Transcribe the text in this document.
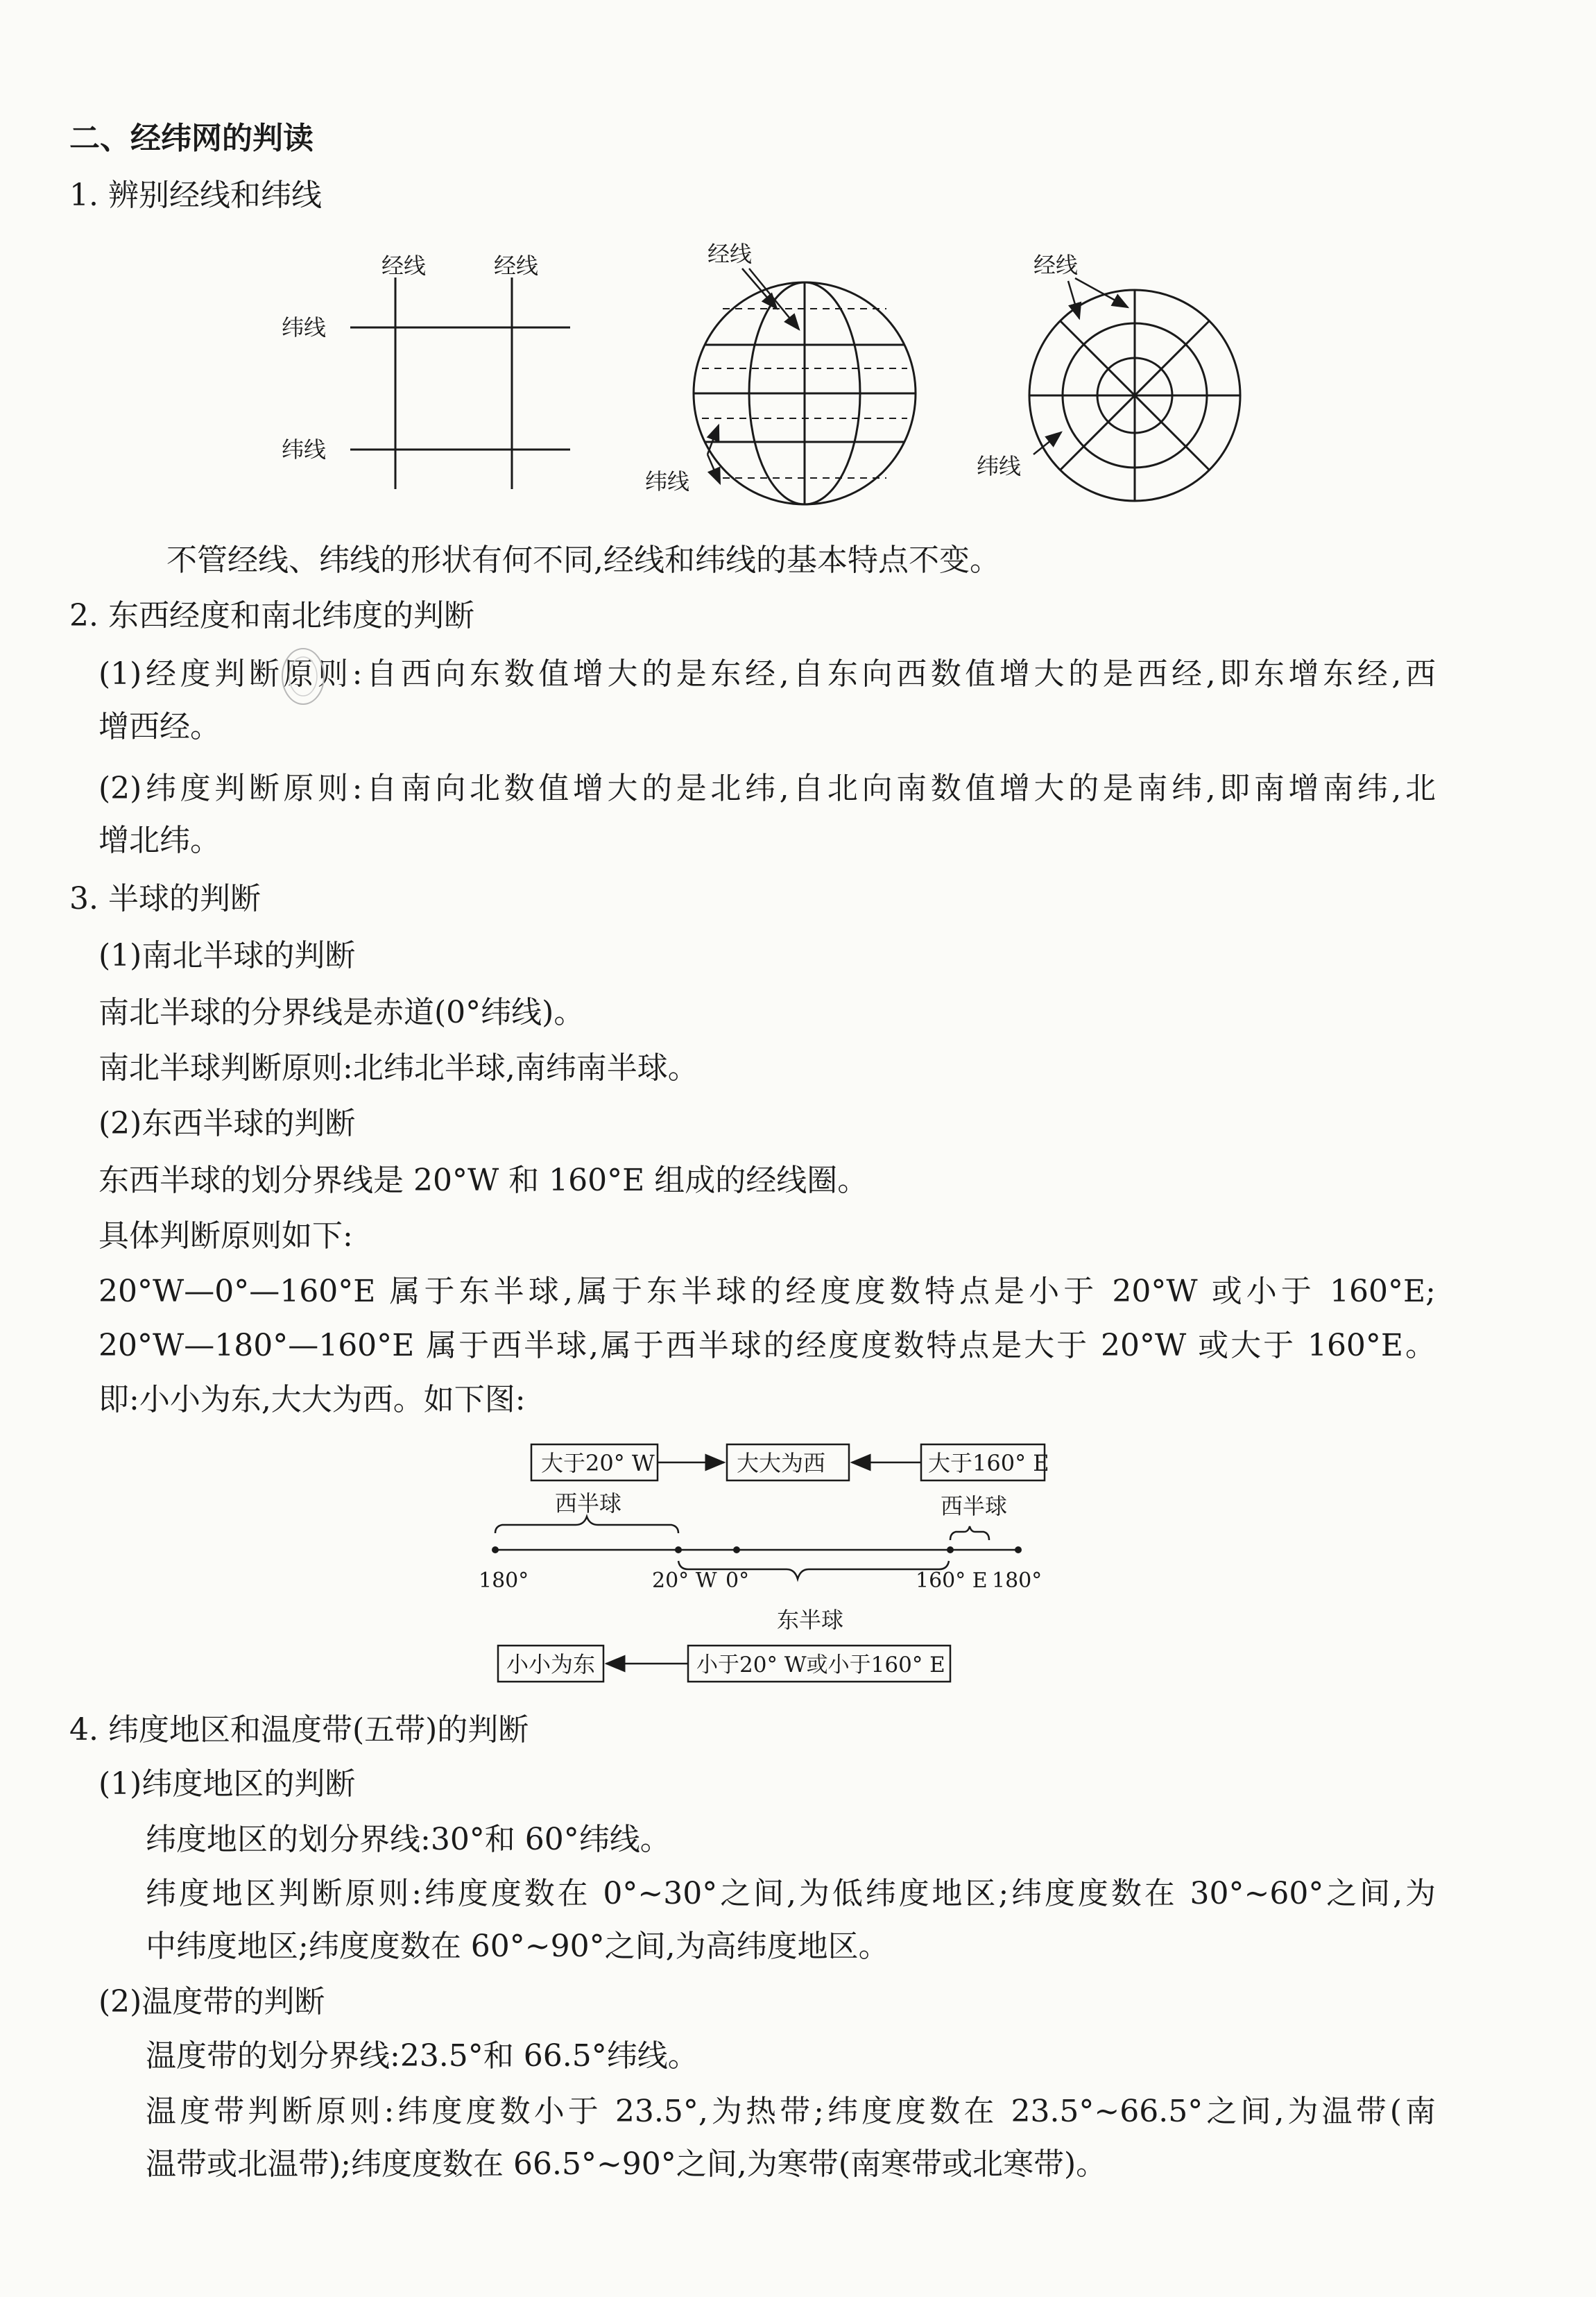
二、经纬网的判读
1. 辨别经线和纬线
经线	经线
纬线
纬线
经线
纬线
经线
纬线
不管经线、纬线的形状有何不同,经线和纬线的基本特点不变。
2. 东西经度和南北纬度的判断
(1)经度判断原则:自西向东数值增大的是东经,自东向西数值增大的是西经,即东增东经,西
增西经。
(2)纬度判断原则:自南向北数值增大的是北纬,自北向南数值增大的是南纬,即南增南纬,北
增北纬。
3. 半球的判断
(1)南北半球的判断
南北半球的分界线是赤道(0°纬线)。
南北半球判断原则:北纬北半球,南纬南半球。
(2)东西半球的判断
东西半球的划分界线是 20°W 和 160°E 组成的经线圈。
具体判断原则如下:
20°W—0°—160°E 属于东半球,属于东半球的经度度数特点是小于 20°W 或小于 160°E;
20°W—180°—160°E 属于西半球,属于西半球的经度度数特点是大于 20°W 或大于 160°E。
即:小小为东,大大为西。如下图:
大于20° W	大大为西	大于160° E
西半球	西半球
180°	20° W 0°	160° E 180°
东半球
小小为东	小于20° W或小于160° E
4. 纬度地区和温度带(五带)的判断
(1)纬度地区的判断
纬度地区的划分界线:30°和 60°纬线。
纬度地区判断原则:纬度度数在 0°~30°之间,为低纬度地区;纬度度数在 30°~60°之间,为
中纬度地区;纬度度数在 60°~90°之间,为高纬度地区。
(2)温度带的判断
温度带的划分界线:23.5°和 66.5°纬线。
温度带判断原则:纬度度数小于 23.5°,为热带;纬度度数在 23.5°~66.5°之间,为温带(南
温带或北温带);纬度度数在 66.5°~90°之间,为寒带(南寒带或北寒带)。
